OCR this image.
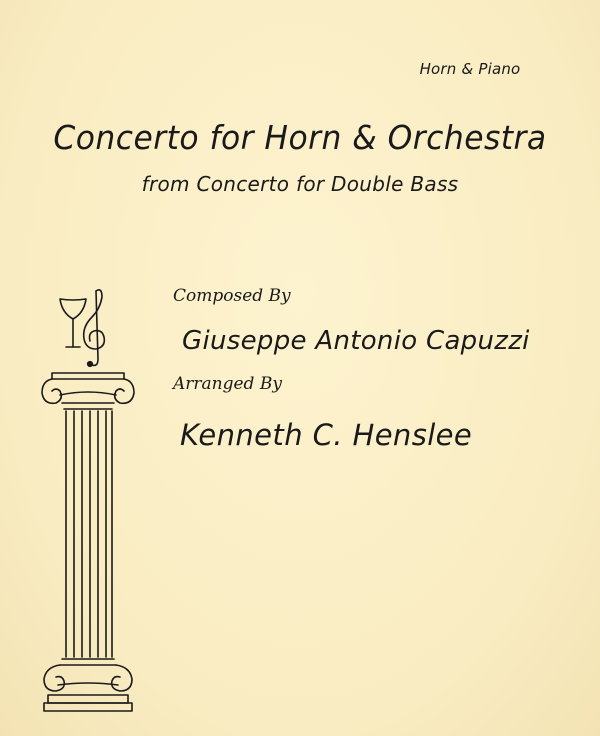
Horn & Piano
Concerto for Horn & Orchestra
from Concerto for Double Bass
Composed By
Giuseppe Antonio Capuzzi
Arranged By
Kenneth C. Henslee
